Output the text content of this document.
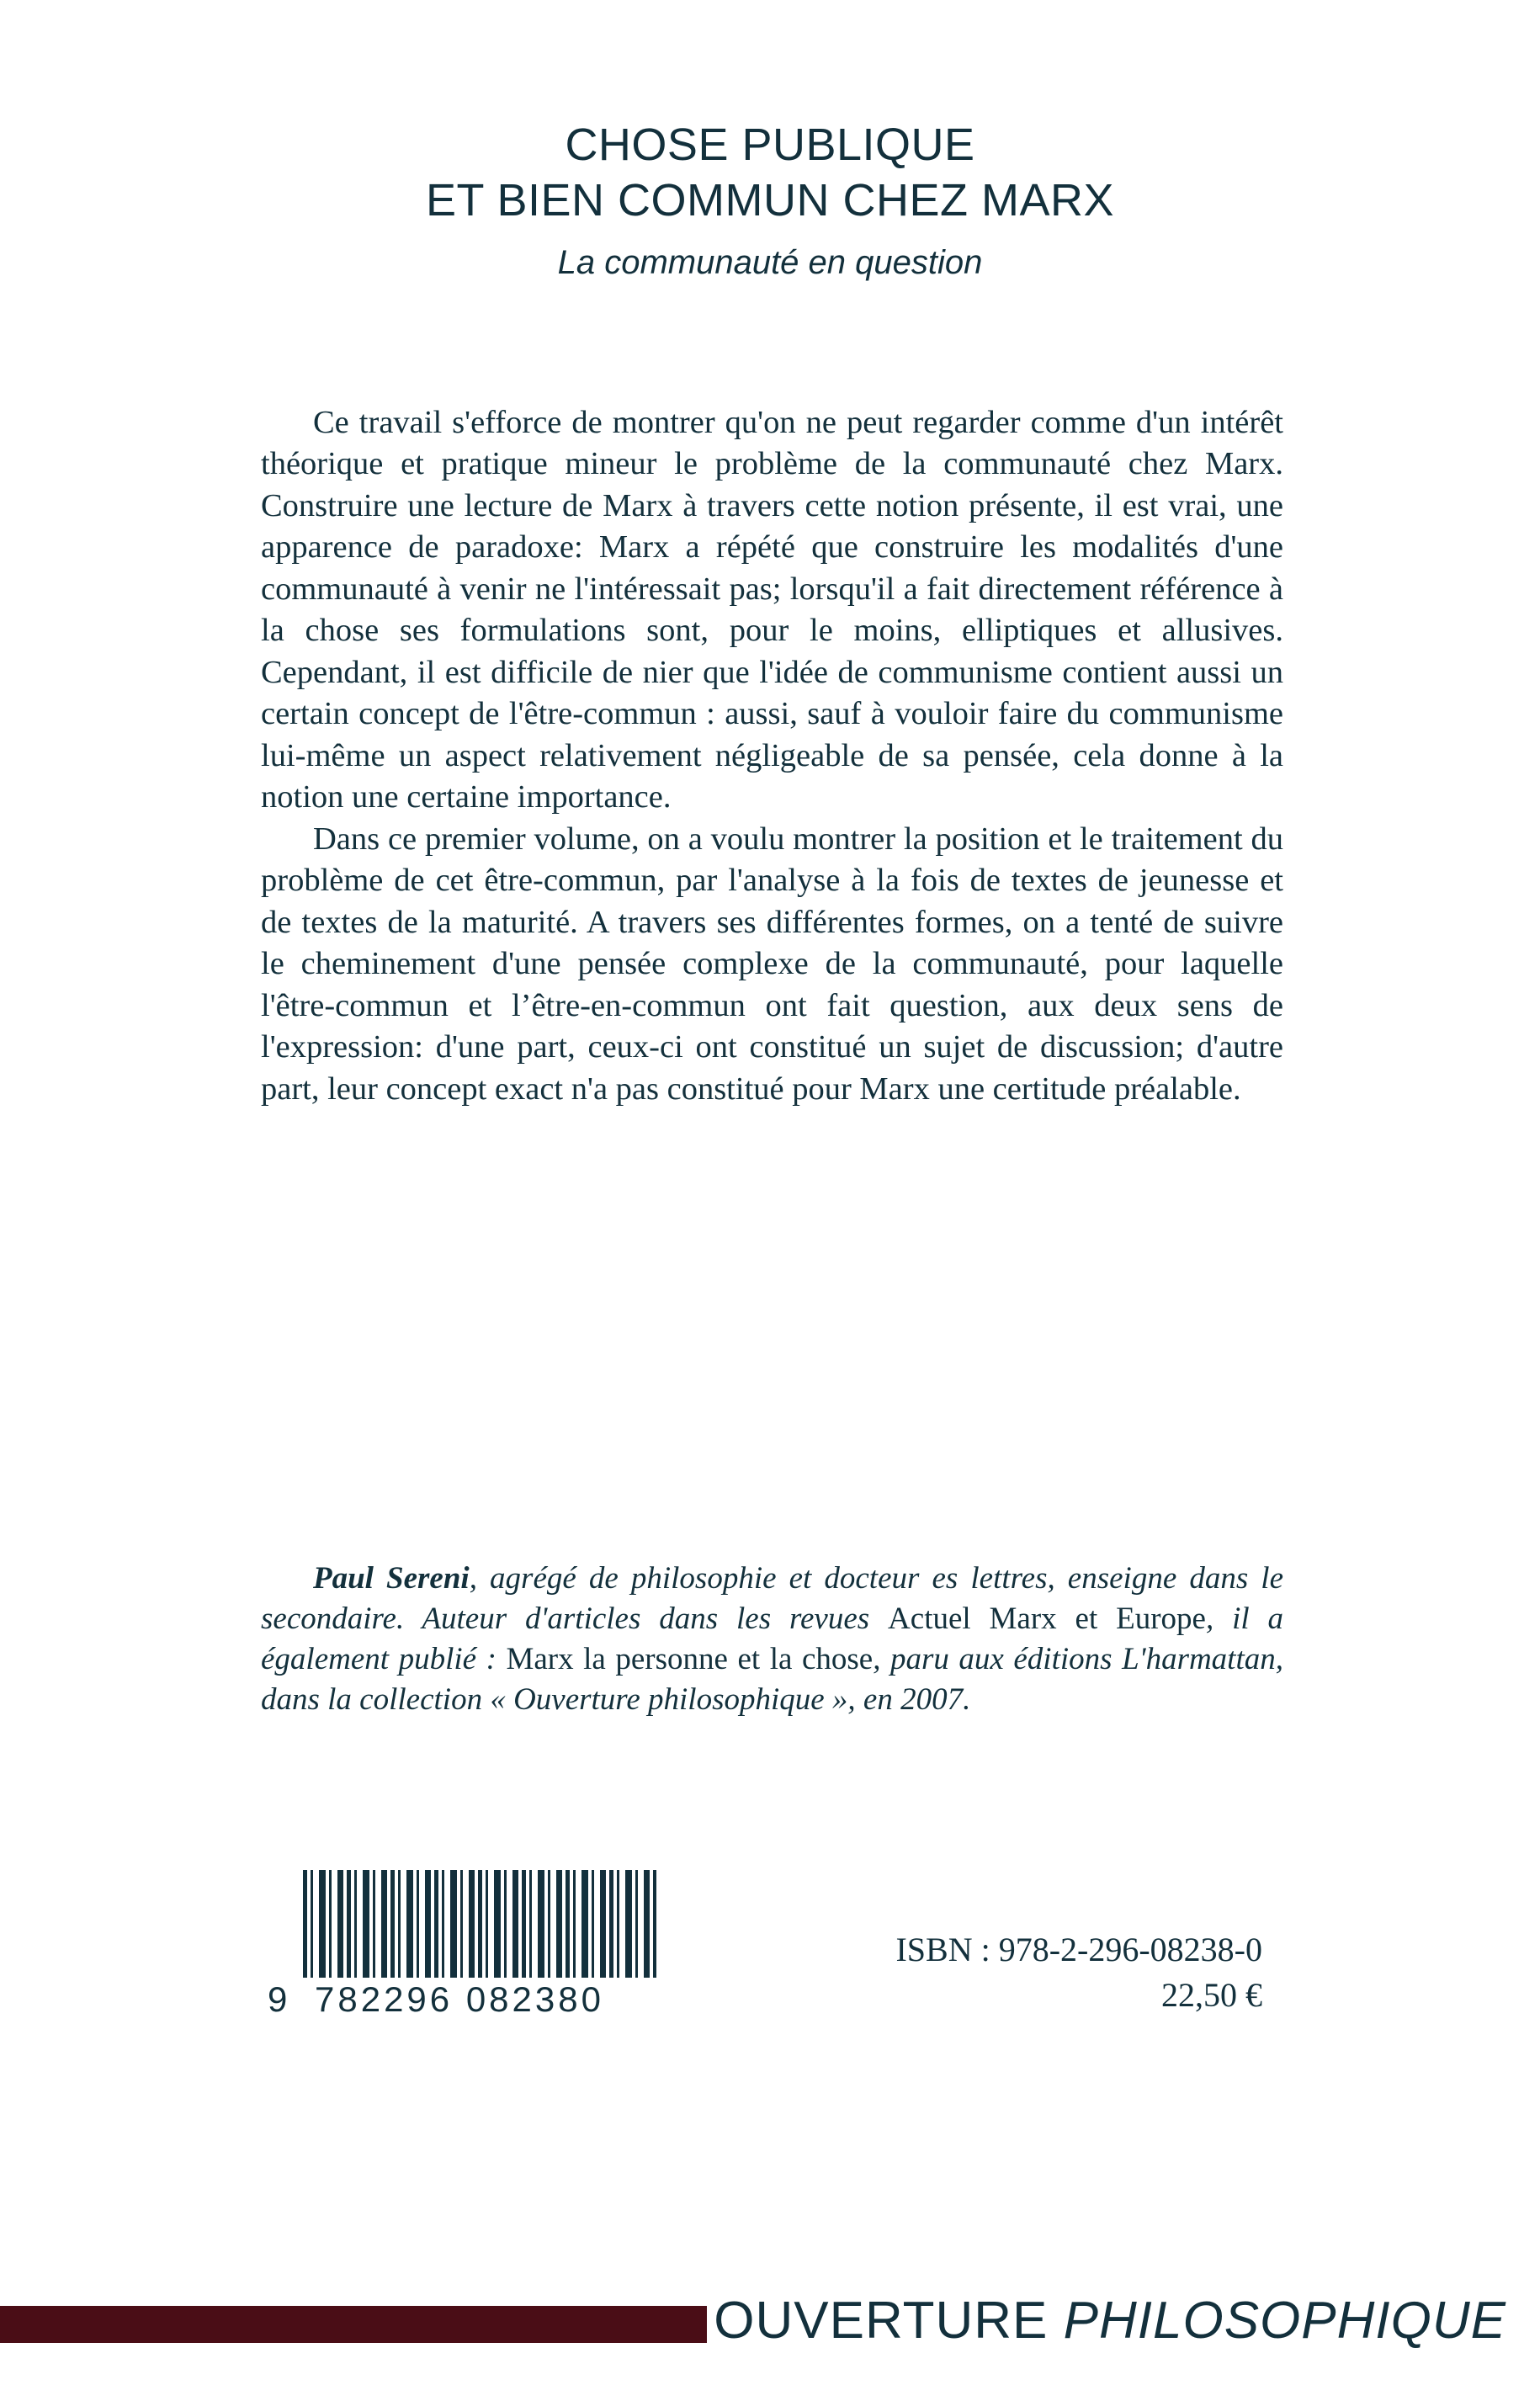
CHOSE PUBLIQUE
ET BIEN COMMUN CHEZ MARX
La communauté en question

Ce travail s'efforce de montrer qu'on ne peut regarder comme d'un intérêt théorique et pratique mineur le problème de la communauté chez Marx. Construire une lecture de Marx à travers cette notion présente, il est vrai, une apparence de paradoxe: Marx a répété que construire les modalités d'une communauté à venir ne l'intéressait pas; lorsqu'il a fait directement référence à la chose ses formulations sont, pour le moins, elliptiques et allusives. Cependant, il est difficile de nier que l'idée de communisme contient aussi un certain concept de l'être-commun : aussi, sauf à vouloir faire du communisme lui-même un aspect relativement négligeable de sa pensée, cela donne à la notion une certaine importance.

Dans ce premier volume, on a voulu montrer la position et le traitement du problème de cet être-commun, par l'analyse à la fois de textes de jeunesse et de textes de la maturité. A travers ses différentes formes, on a tenté de suivre le cheminement d'une pensée complexe de la communauté, pour laquelle l'être-commun et l’être-en-commun ont fait question, aux deux sens de l'expression: d'une part, ceux-ci ont constitué un sujet de discussion; d'autre part, leur concept exact n'a pas constitué pour Marx une certitude préalable.

Paul Sereni, agrégé de philosophie et docteur es lettres, enseigne dans le secondaire. Auteur d'articles dans les revues Actuel Marx et Europe, il a également publié : Marx la personne et la chose, paru aux éditions L'harmattan, dans la collection « Ouverture philosophique », en 2007.
9 782296 082380
ISBN : 978-2-296-08238-0
22,50 €
OUVERTURE PHILOSOPHIQUE
